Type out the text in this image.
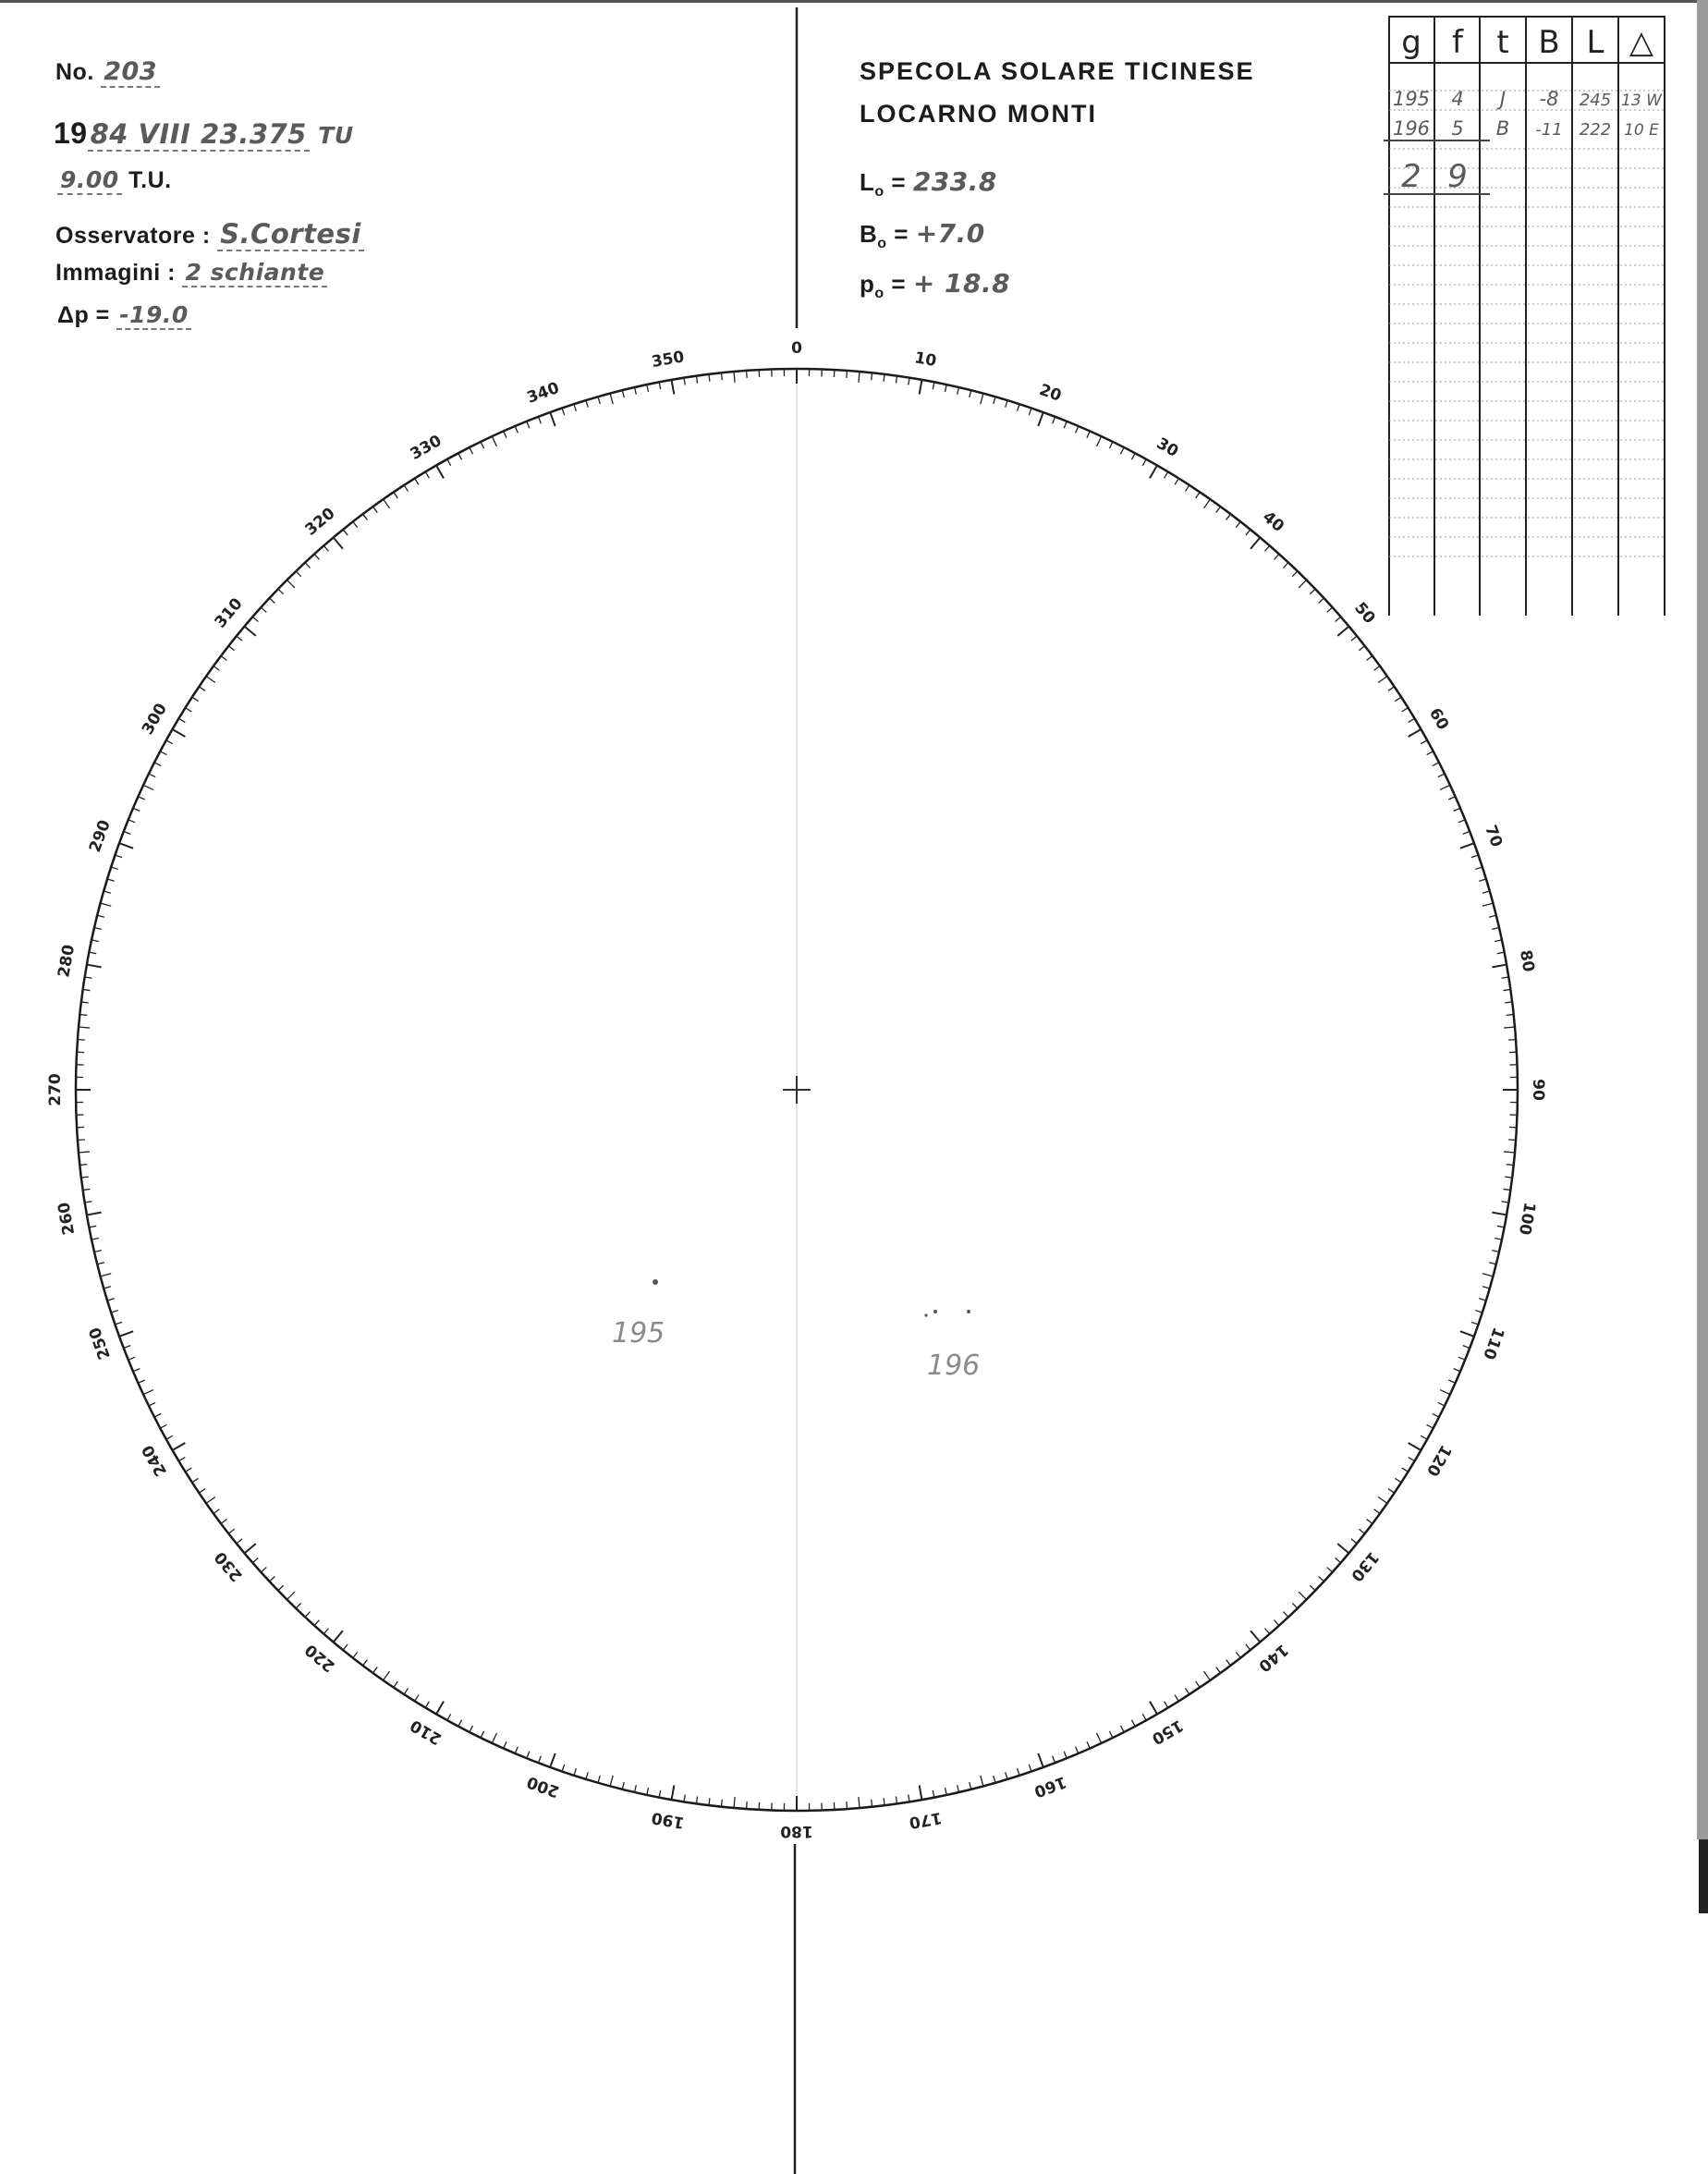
No. 203
19 84 VIII 23.375 TU
9.00 T.U.
Osservatore : S.Cortesi
Immagini : 2 schiante
Δp = -19.0
SPECOLA SOLARE TICINESE
LOCARNO MONTI
$L_o = 233.8$
$B_o = +7.0$
$p_o$ = + 18.8
0
10
20
30
40
50
60
70
80
90
100
110
120
130
140
150
160
170
180
190
200
210
220
230
240
250
260
270
280
290
300
310
320
330
340
350
195
196
g f t B L △
195 4 J -8 245 13 W
196 5 B -11 222 10 E
2 9
